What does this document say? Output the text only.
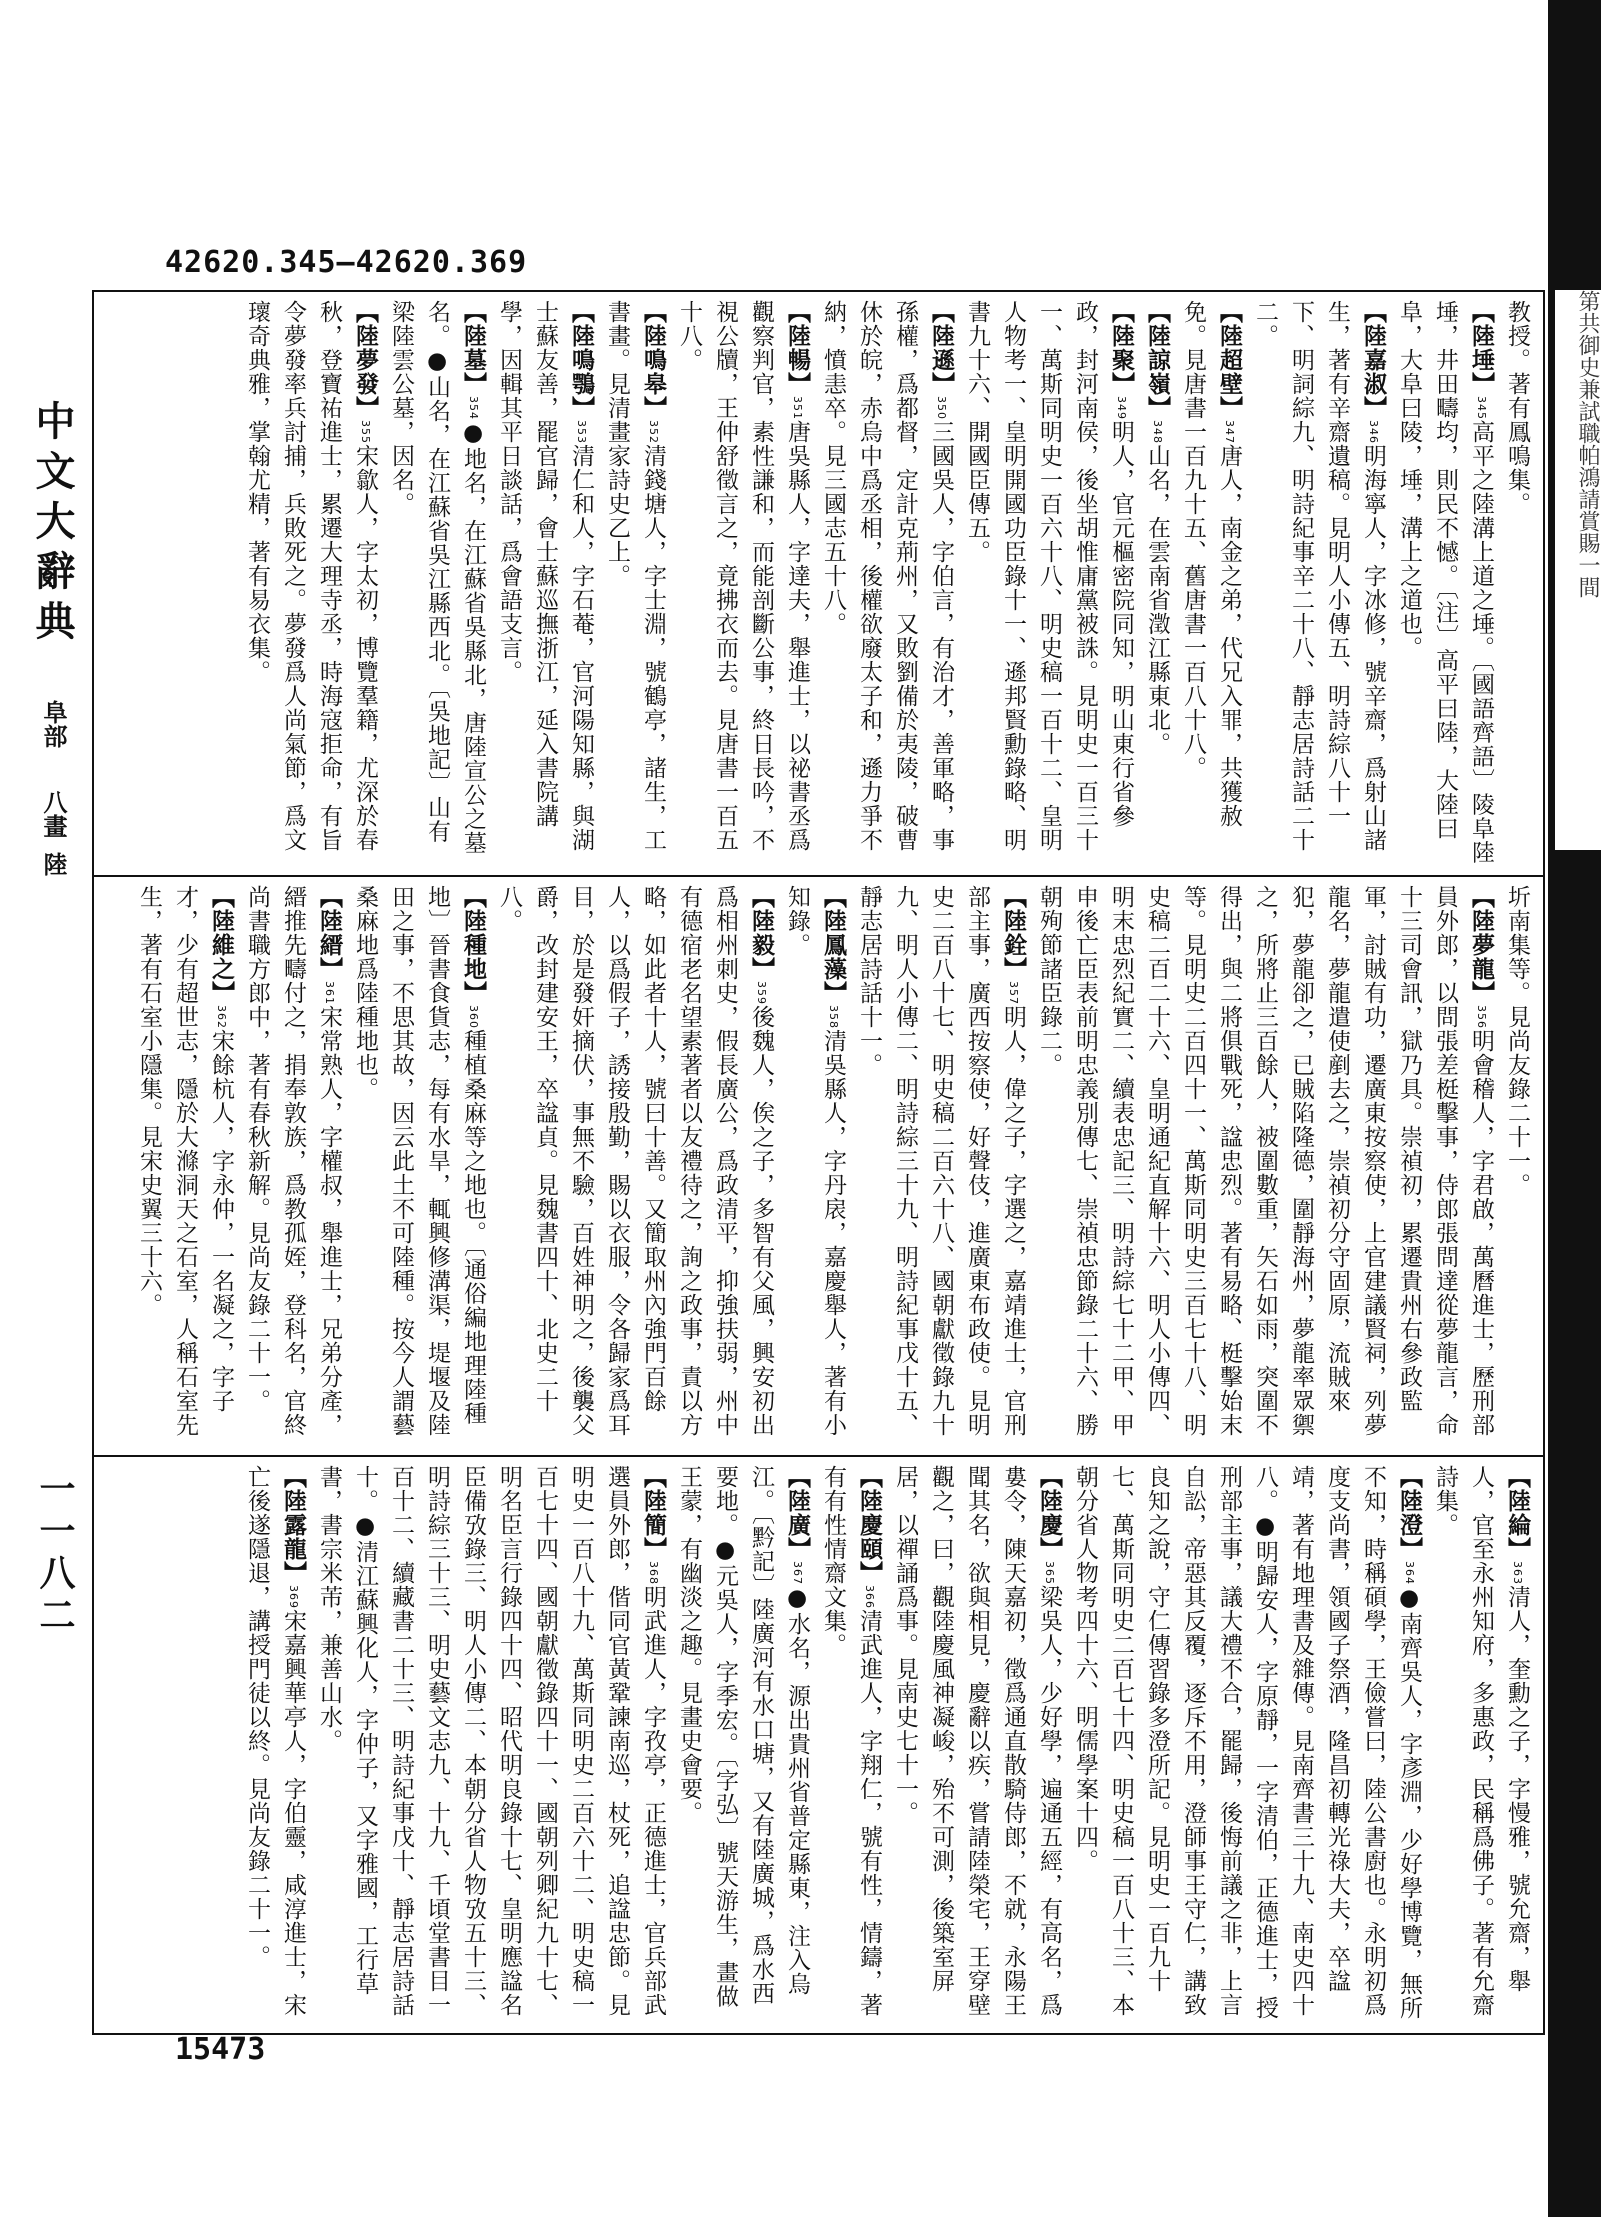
42620.345—42620.369
中文大辭典
阜部
八畫
陸
一一八二
教授。著有鳳鳴集。
【陸埵】345高平之陸溝上道之埵。〔國語齊語〕陵阜陸埵，井田疇均，則民不憾。〔注〕高平曰陸，大陸曰阜，大阜曰陵，埵，溝上之道也。
【陸嘉淑】346明海寧人，字冰修，號辛齋，爲射山諸生，著有辛齋遺稿。見明人小傳五、明詩綜八十一下、明詞綜九、明詩紀事辛二十八、靜志居詩話二十二。
【陸超壁】347唐人，南金之弟，代兄入罪，共獲赦免。見唐書一百九十五、舊唐書一百八十八。
【陸諒嶺】348山名，在雲南省澂江縣東北。
【陸聚】349明人，官元樞密院同知，明山東行省參政，封河南侯，後坐胡惟庸黨被誅。見明史一百三十一、萬斯同明史一百六十八、明史稿一百十二、皇明人物考一、皇明開國功臣錄十一、遜邦賢勳錄略、明書九十六、開國臣傳五。
【陸遜】350三國吳人，字伯言，有治才，善軍略，事孫權，爲都督，定計克荊州，又敗劉備於夷陵，破曹休於皖，赤烏中爲丞相，後權欲廢太子和，遜力爭不納，憤恚卒。見三國志五十八。
【陸暢】351唐吳縣人，字達夫，舉進士，以祕書丞爲觀察判官，素性謙和，而能剖斷公事，終日長吟，不視公牘，王仲舒徵言之，竟拂衣而去。見唐書一百五十八。
【陸鳴皋】352清錢塘人，字士淵，號鶴亭，諸生，工書畫。見清畫家詩史乙上。
【陸鳴鶚】353清仁和人，字石菴，官河陽知縣，與湖士蘇友善，罷官歸，會士蘇巡撫浙江，延入書院講學，因輯其平日談話，爲會語支言。
【陸墓】354●地名，在江蘇省吳縣北，唐陸宣公之墓名。●山名，在江蘇省吳江縣西北。〔吳地記〕山有梁陸雲公墓，因名。
【陸夢發】355宋歙人，字太初，博覽羣籍，尤深於春秋，登寶祐進士，累遷大理寺丞，時海寇拒命，有旨令夢發率兵討捕，兵敗死之。夢發爲人尚氣節，爲文瓌奇典雅，掌翰尤精，著有易衣集。
圻南集等。見尚友錄二十一。
【陸夢龍】356明會稽人，字君啟，萬曆進士，歷刑部員外郎，以問張差梃擊事，侍郎張問達從夢龍言，命十三司會訊，獄乃具。崇禎初，累遷貴州右參政監軍，討賊有功，遷廣東按察使，上官建議賢祠，列夢龍名，夢龍遣使剷去之，崇禎初分守固原，流賊來犯，夢龍卻之，已賊陷隆德，圍靜海州，夢龍率眾禦之，所將止三百餘人，被圍數重，矢石如雨，突圍不得出，與二將俱戰死，諡忠烈。著有易略、梃擊始末等。見明史二百四十一、萬斯同明史三百七十八、明史稿二百二十六、皇明通紀直解十六、明人小傳四、明末忠烈紀實二、續表忠記三、明詩綜七十二甲、甲申後亡臣表前明忠義別傳七、崇禎忠節錄二十六、勝朝殉節諸臣錄二。
【陸銓】357明人，偉之子，字選之，嘉靖進士，官刑部主事，廣西按察使，好聲伎，進廣東布政使。見明史二百八十七、明史稿二百六十八、國朝獻徵錄九十九、明人小傳二、明詩綜三十九、明詩紀事戊十五、靜志居詩話十一。
【陸鳳藻】358清吳縣人，字丹扆，嘉慶舉人，著有小知錄。
【陸毅】359後魏人，俟之子，多智有父風，興安初出爲相州刺史，假長廣公，爲政清平，抑強扶弱，州中有德宿老名望素著者以友禮待之，詢之政事，責以方略，如此者十人，號曰十善。又簡取州內強門百餘人，以爲假子，誘接殷勤，賜以衣服，令各歸家爲耳目，於是發奸摘伏，事無不驗，百姓神明之，後襲父爵，改封建安王，卒諡貞。見魏書四十、北史二十八。
【陸種地】360種植桑麻等之地也。〔通俗編地理陸種地〕晉書食貨志，每有水旱，輒興修溝渠，堤堰及陸田之事，不思其故，因云此土不可陸種。按今人謂藝桑麻地爲陸種地也。
【陸縉】361宋常熟人，字權叔，舉進士，兄弟分產，縉推先疇付之，捐奉敦族，爲教孤姪，登科名，官終尚書職方郎中，著有春秋新解。見尚友錄二十一。
【陸維之】362宋餘杭人，字永仲，一名凝之，字子才，少有超世志，隱於大滌洞天之石室，人稱石室先生，著有石室小隱集。見宋史翼三十六。
【陸綸】363清人，奎勳之子，字慢雅，號允齋，舉人，官至永州知府，多惠政，民稱爲佛子。著有允齋詩集。
【陸澄】364●南齊吳人，字彥淵，少好學博覽，無所不知，時稱碩學，王儉嘗曰，陸公書廚也。永明初爲度支尚書，領國子祭酒，隆昌初轉光祿大夫，卒諡靖，著有地理書及雜傳。見南齊書三十九、南史四十八。●明歸安人，字原靜，一字清伯，正德進士，授刑部主事，議大禮不合，罷歸，後悔前議之非，上言自訟，帝惡其反覆，逐斥不用，澄師事王守仁，講致良知之說，守仁傳習錄多澄所記。見明史一百九十七、萬斯同明史二百七十四、明史稿一百八十三、本朝分省人物考四十六、明儒學案十四。
【陸慶】365梁吳人，少好學，遍通五經，有高名，爲婁令，陳天嘉初，徵爲通直散騎侍郎，不就，永陽王聞其名，欲與相見，慶辭以疾，嘗請陸榮宅，王穿壁觀之，曰，觀陸慶風神凝峻，殆不可測，後築室屏居，以禪誦爲事。見南史七十一。
【陸慶頤】366清武進人，字翔仁，號有性，情鑄，著有有性情齋文集。
【陸廣】367●水名，源出貴州省普定縣東，注入烏江。〔黔記〕陸廣河有水口塘，又有陸廣城，爲水西要地。●元吳人，字季宏。〔字弘〕號天游生，畫做王蒙，有幽淡之趣。見畫史會要。
【陸簡】368明武進人，字孜亭，正德進士，官兵部武選員外郎，偕同官黃鞏諫南巡，杖死，追諡忠節。見明史一百八十九、萬斯同明史二百六十二、明史稿一百七十四、國朝獻徵錄四十一、國朝列卿紀九十七、明名臣言行錄四十四、昭代明良錄十七、皇明應諡名臣備攷錄三、明人小傳二、本朝分省人物攷五十三、明詩綜三十三、明史藝文志九、十九、千頃堂書目一百十二、續藏書二十三、明詩紀事戊十、靜志居詩話十。●清江蘇興化人，字仲子，又字雅國，工行草書，書宗米芾，兼善山水。
【陸露龍】369宋嘉興華亭人，字伯靈，咸淳進士，宋亡後遂隱退，講授門徒以終。見尚友錄二十一。
15473
第共御史兼試職帕鴻請賞賜一間
